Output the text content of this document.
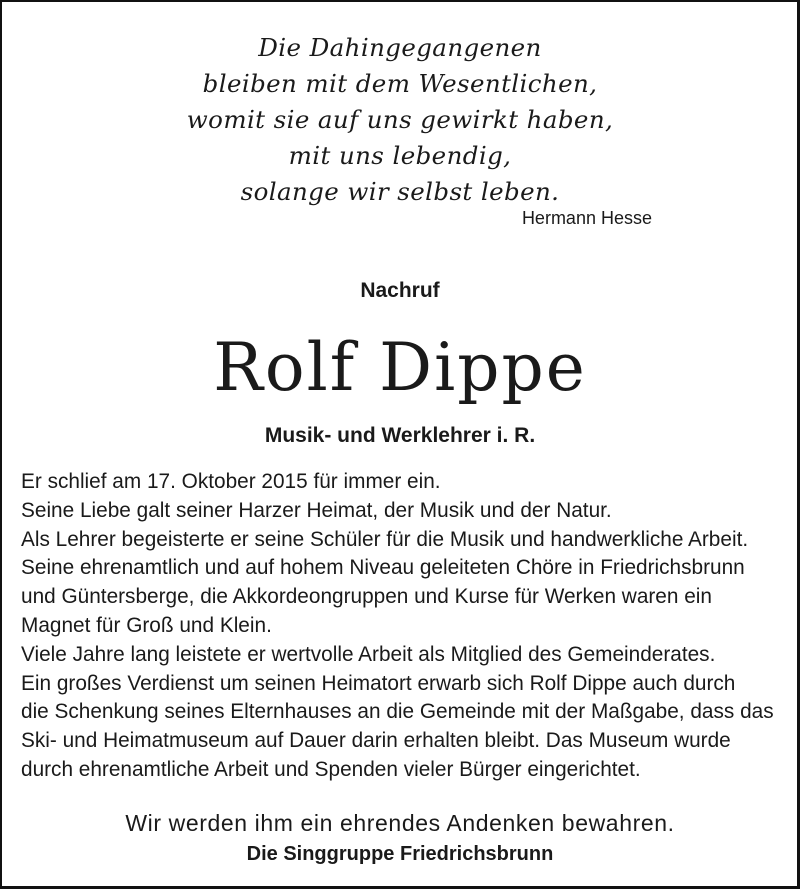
Die Dahingegangenen
bleiben mit dem Wesentlichen,
womit sie auf uns gewirkt haben,
mit uns lebendig,
solange wir selbst leben.

Hermann Hesse

Nachruf
Rolf Dippe
Musik- und Werklehrer i. R.

Er schlief am 17. Oktober 2015 für immer ein.
Seine Liebe galt seiner Harzer Heimat, der Musik und der Natur.
Als Lehrer begeisterte er seine Schüler für die Musik und handwerkliche Arbeit.
Seine ehrenamtlich und auf hohem Niveau geleiteten Chöre in Friedrichsbrunn
und Güntersberge, die Akkordeongruppen und Kurse für Werken waren ein
Magnet für Groß und Klein.
Viele Jahre lang leistete er wertvolle Arbeit als Mitglied des Gemeinderates.
Ein großes Verdienst um seinen Heimatort erwarb sich Rolf Dippe auch durch
die Schenkung seines Elternhauses an die Gemeinde mit der Maßgabe, dass das
Ski- und Heimatmuseum auf Dauer darin erhalten bleibt. Das Museum wurde
durch ehrenamtliche Arbeit und Spenden vieler Bürger eingerichtet.

Wir werden ihm ein ehrendes Andenken bewahren.

Die Singgruppe Friedrichsbrunn
